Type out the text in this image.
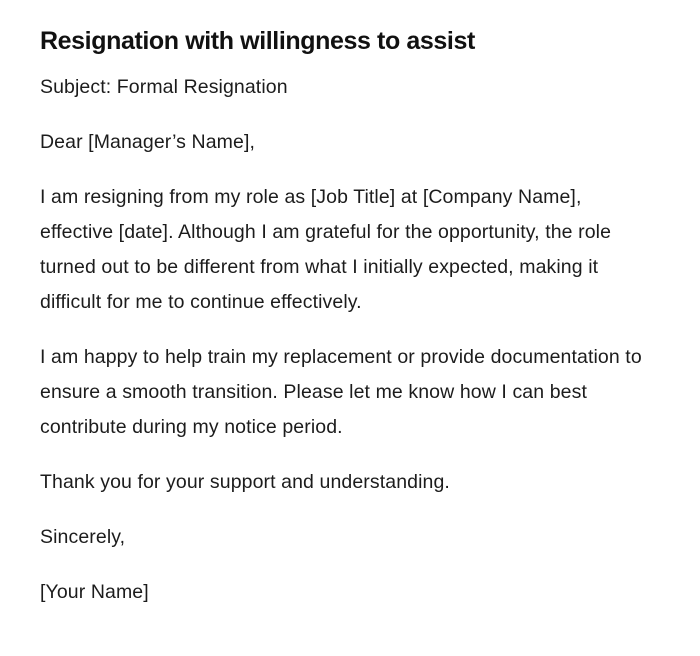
Resignation with willingness to assist

Subject: Formal Resignation

Dear [Manager’s Name],

I am resigning from my role as [Job Title] at [Company Name], effective [date]. Although I am grateful for the opportunity, the role turned out to be different from what I initially expected, making it difficult for me to continue effectively.

I am happy to help train my replacement or provide documentation to ensure a smooth transition. Please let me know how I can best contribute during my notice period.

Thank you for your support and understanding.

Sincerely,

[Your Name]
